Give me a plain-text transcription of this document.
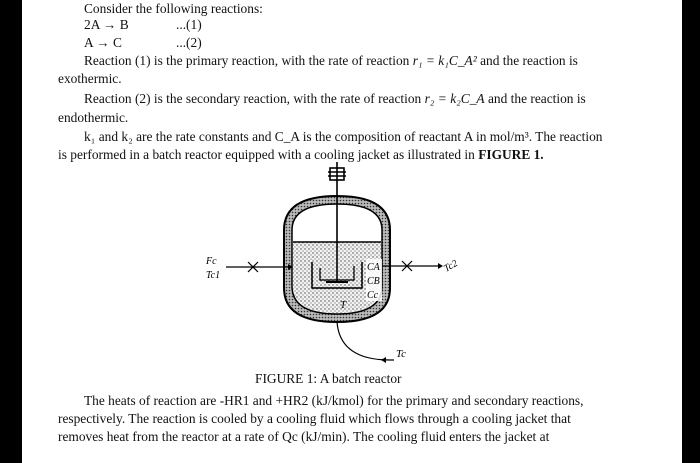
Consider the following reactions:
2A → B	...(1)
A → C	...(2)
Reaction (1) is the primary reaction, with the rate of reaction r₁ = k₁C_A² and the reaction is
exothermic.
Reaction (2) is the secondary reaction, with the rate of reaction r₂ = k₂C_A and the reaction is
endothermic.
k₁ and k₂ are the rate constants and C_A is the composition of reactant A in mol/m³. The reaction
is performed in a batch reactor equipped with a cooling jacket as illustrated in FIGURE 1.
Fc
Tc1
Tc2
CA
CB
Cc
T
Tc
FIGURE 1: A batch reactor
The heats of reaction are -HR1 and +HR2 (kJ/kmol) for the primary and secondary reactions,
respectively. The reaction is cooled by a cooling fluid which flows through a cooling jacket that
removes heat from the reactor at a rate of Qc (kJ/min). The cooling fluid enters the jacket at
